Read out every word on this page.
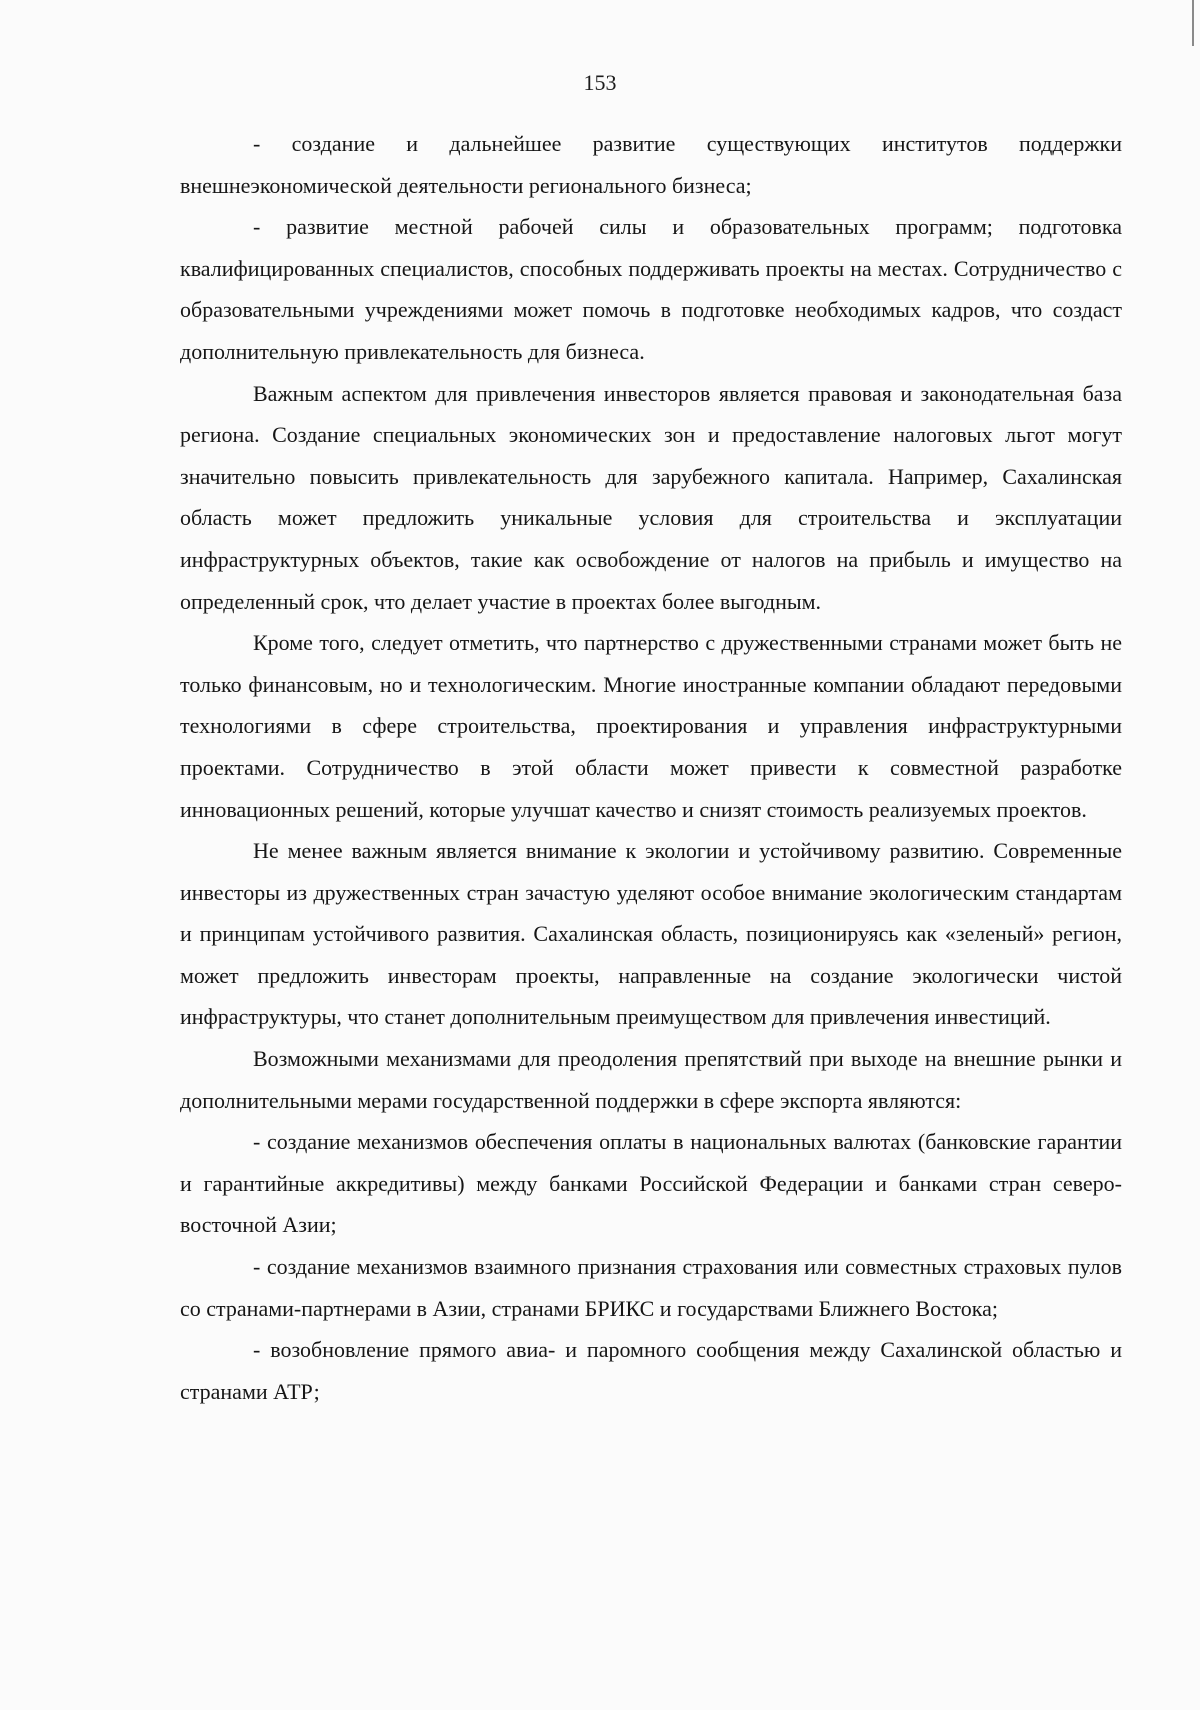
153

- создание и дальнейшее развитие существующих институтов поддержки внешнеэкономической деятельности регионального бизнеса;

- развитие местной рабочей силы и образовательных программ; подготовка квалифицированных специалистов, способных поддерживать проекты на местах. Сотрудничество с образовательными учреждениями может помочь в подготовке необходимых кадров, что создаст дополнительную привлекательность для бизнеса.

Важным аспектом для привлечения инвесторов является правовая и законодательная база региона. Создание специальных экономических зон и предоставление налоговых льгот могут значительно повысить привлекательность для зарубежного капитала. Например, Сахалинская область может предложить уникальные условия для строительства и эксплуатации инфраструктурных объектов, такие как освобождение от налогов на прибыль и имущество на определенный срок, что делает участие в проектах более выгодным.

Кроме того, следует отметить, что партнерство с дружественными странами может быть не только финансовым, но и технологическим. Многие иностранные компании обладают передовыми технологиями в сфере строительства, проектирования и управления инфраструктурными проектами. Сотрудничество в этой области может привести к совместной разработке инновационных решений, которые улучшат качество и снизят стоимость реализуемых проектов.

Не менее важным является внимание к экологии и устойчивому развитию. Современные инвесторы из дружественных стран зачастую уделяют особое внимание экологическим стандартам и принципам устойчивого развития. Сахалинская область, позиционируясь как «зеленый» регион, может предложить инвесторам проекты, направленные на создание экологически чистой инфраструктуры, что станет дополнительным преимуществом для привлечения инвестиций.

Возможными механизмами для преодоления препятствий при выходе на внешние рынки и дополнительными мерами государственной поддержки в сфере экспорта являются:

- создание механизмов обеспечения оплаты в национальных валютах (банковские гарантии и гарантийные аккредитивы) между банками Российской Федерации и банками стран северо-восточной Азии;

- создание механизмов взаимного признания страхования или совместных страховых пулов со странами-партнерами в Азии, странами БРИКС и государствами Ближнего Востока;

- возобновление прямого авиа- и паромного сообщения между Сахалинской областью и странами АТР;
